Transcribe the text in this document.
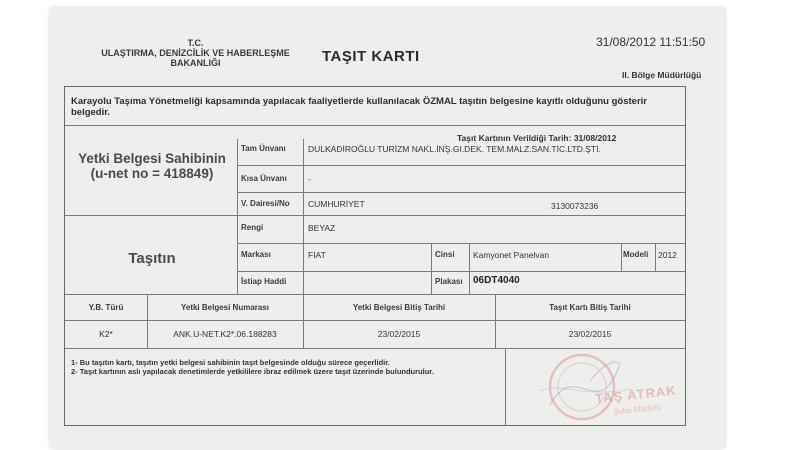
T.C.
ULAŞTIRMA, DENİZCİLİK VE HABERLEŞME
BAKANLIĞI	TAŞIT KARTI
31/08/2012 11:51:50
II. Bölge Müdürlüğü
Karayolu Taşıma Yönetmeliği kapsamında yapılacak faaliyetlerde kullanılacak ÖZMAL taşıtın belgesine kayıtlı olduğunu gösterir belgedir.
Taşıt Kartının Verildiği Tarih: 31/08/2012
Yetki Belgesi Sahibinin (u-net no = 418849)
Tam Ünvanı	DULKADİROĞLU TURİZM NAKL.İNŞ.GI.DEK. TEM.MALZ.SAN.TİC.LTD.ŞTİ.
Kısa Ünvanı -
V. Dairesi/No CUMHURİYET	3130073236
Taşıtın
Rengi	BEYAZ
Markası	FIAT	Cinsi Kamyonet Panelvan	Modeli 2012
İstiap Haddi	Plakası 06DT4040
Y.B. Türü	Yetki Belgesi Numarası	Yetki Belgesi Bitiş Tarihi	Taşıt Kartı Bitiş Tarihi
K2*	ANK.U-NET.K2*.06.188283	23/02/2015	23/02/2015
1- Bu taşıtın kartı, taşıtın yetki belgesi sahibinin taşıt belgesinde olduğu sürece geçerlidir.
2- Taşıt kartının aslı yapılacak denetimlerde yetkililere ibraz edilmek üzere taşıt üzerinde bulundurulur.
TAŞ ATRAK
Şube Müdürü
